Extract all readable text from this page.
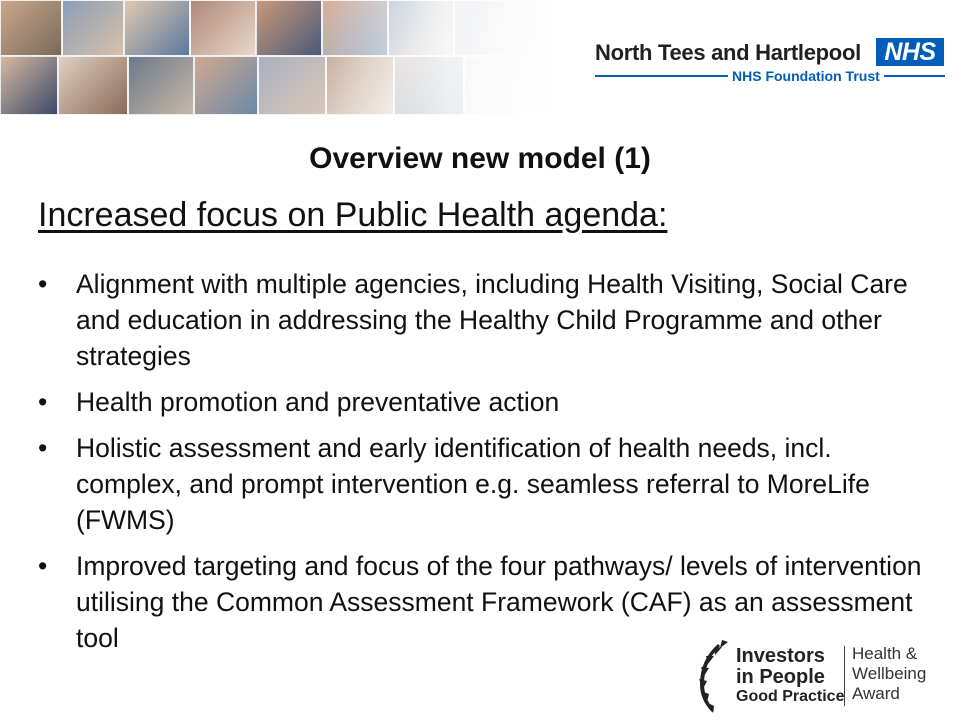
North Tees and Hartlepool NHS
NHS Foundation Trust
Overview new model (1)
Increased focus on Public Health agenda:
• Alignment with multiple agencies, including Health Visiting, Social Care and education in addressing the Healthy Child Programme and other strategies
• Health promotion and preventative action
• Holistic assessment and early identification of health needs, incl. complex, and prompt intervention e.g. seamless referral to MoreLife (FWMS)
• Improved targeting and focus of the four pathways/ levels of intervention utilising the Common Assessment Framework (CAF) as an assessment tool
Investors
in People
Good Practice
Health &
Wellbeing
Award
